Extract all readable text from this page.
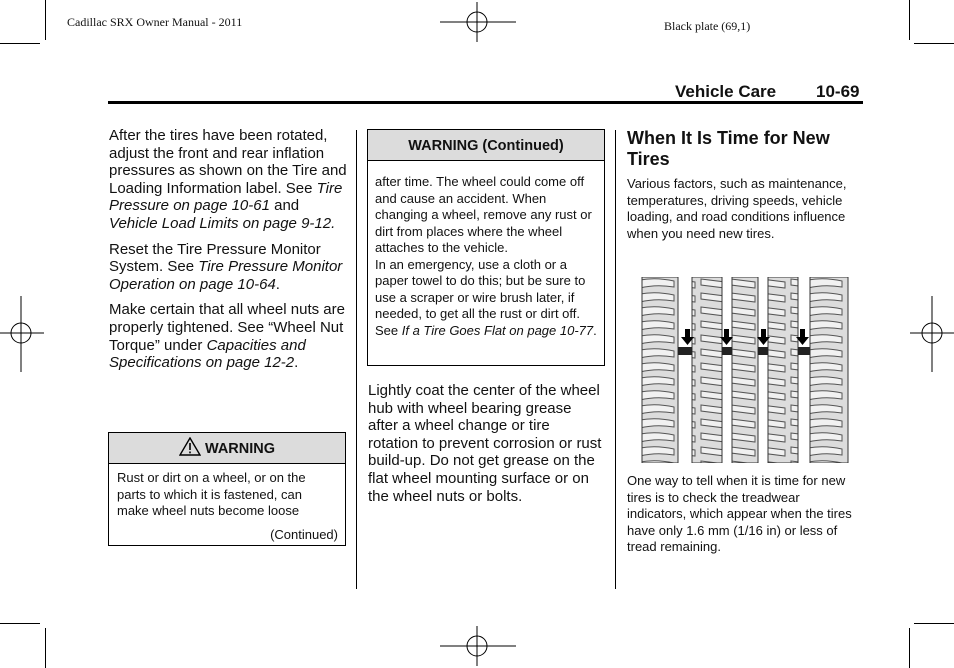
Cadillac SRX Owner Manual - 2011	Black plate (69,1)
Vehicle Care 10-69

After the tires have been rotated, adjust the front and rear inflation pressures as shown on the Tire and Loading Information label. See Tire Pressure on page 10-61 and Vehicle Load Limits on page 9-12.

Reset the Tire Pressure Monitor System. See Tire Pressure Monitor Operation on page 10-64.

Make certain that all wheel nuts are properly tightened. See “Wheel Nut Torque” under Capacities and Specifications on page 12-2.

WARNING
Rust or dirt on a wheel, or on the parts to which it is fastened, can make wheel nuts become loose
(Continued)
WARNING (Continued)
after time. The wheel could come off and cause an accident. When changing a wheel, remove any rust or dirt from places where the wheel attaches to the vehicle.
In an emergency, use a cloth or a paper towel to do this; but be sure to use a scraper or wire brush later, if needed, to get all the rust or dirt off. See If a Tire Goes Flat on page 10-77.
Lightly coat the center of the wheel hub with wheel bearing grease after a wheel change or tire rotation to prevent corrosion or rust build-up. Do not get grease on the flat wheel mounting surface or on the wheel nuts or bolts.
When It Is Time for New Tires
Various factors, such as maintenance, temperatures, driving speeds, vehicle loading, and road conditions influence when you need new tires.
One way to tell when it is time for new tires is to check the treadwear indicators, which appear when the tires have only 1.6 mm (1/16 in) or less of tread remaining.
